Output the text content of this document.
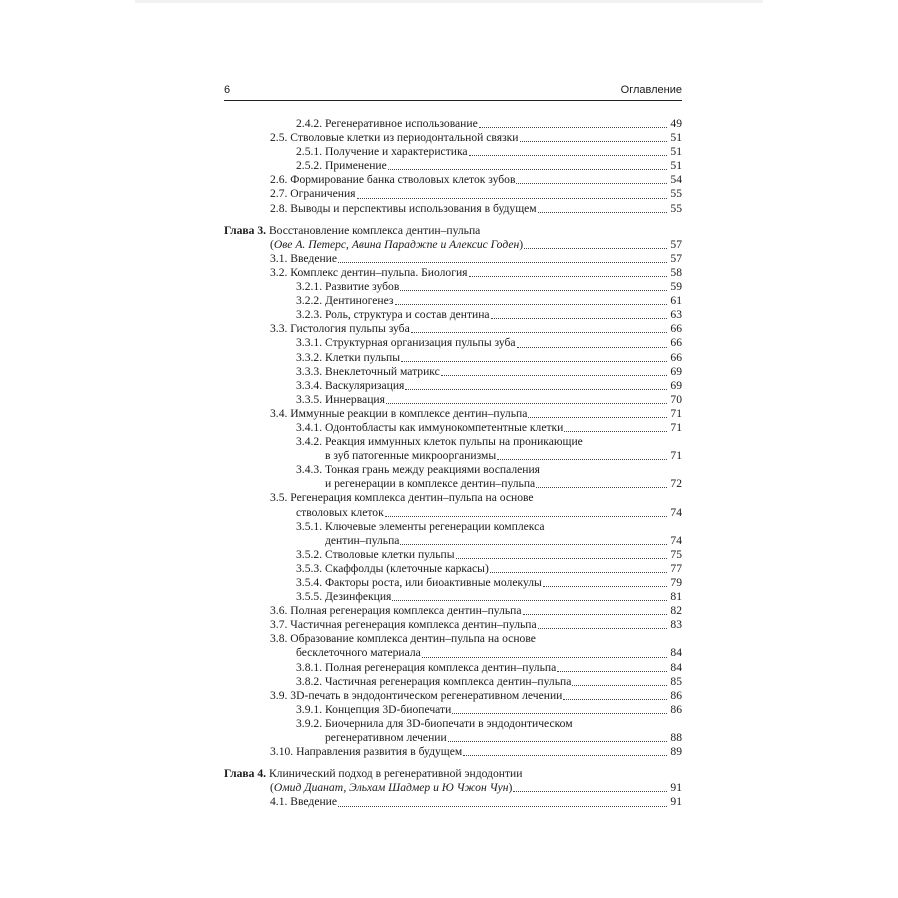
6	Оглавление
2.4.2. Регенеративное использование	49
2.5. Стволовые клетки из периодонтальной связки	51
2.5.1. Получение и характеристика	51
2.5.2. Применение	51
2.6. Формирование банка стволовых клеток зубов	54
2.7. Ограничения	55
2.8. Выводы и перспективы использования в будущем	55
Глава 3. Восстановление комплекса дентин–пульпа
(Ове А. Петерс, Авина Параджпе и Алексис Годен)	57
3.1. Введение	57
3.2. Комплекс дентин–пульпа. Биология	58
3.2.1. Развитие зубов	59
3.2.2. Дентиногенез	61
3.2.3. Роль, структура и состав дентина	63
3.3. Гистология пульпы зуба	66
3.3.1. Структурная организация пульпы зуба	66
3.3.2. Клетки пульпы	66
3.3.3. Внеклеточный матрикс	69
3.3.4. Васкуляризация	69
3.3.5. Иннервация	70
3.4. Иммунные реакции в комплексе дентин–пульпа	71
3.4.1. Одонтобласты как иммунокомпетентные клетки	71
3.4.2. Реакция иммунных клеток пульпы на проникающие
в зуб патогенные микроорганизмы	71
3.4.3. Тонкая грань между реакциями воспаления
и регенерации в комплексе дентин–пульпа	72
3.5. Регенерация комплекса дентин–пульпа на основе
стволовых клеток	74
3.5.1. Ключевые элементы регенерации комплекса
дентин–пульпа	74
3.5.2. Стволовые клетки пульпы	75
3.5.3. Скаффолды (клеточные каркасы)	77
3.5.4. Факторы роста, или биоактивные молекулы	79
3.5.5. Дезинфекция	81
3.6. Полная регенерация комплекса дентин–пульпа	82
3.7. Частичная регенерация комплекса дентин–пульпа	83
3.8. Образование комплекса дентин–пульпа на основе
бесклеточного материала	84
3.8.1. Полная регенерация комплекса дентин–пульпа	84
3.8.2. Частичная регенерация комплекса дентин–пульпа	85
3.9. 3D-печать в эндодонтическом регенеративном лечении	86
3.9.1. Концепция 3D-биопечати	86
3.9.2. Биочернила для 3D-биопечати в эндодонтическом
регенеративном лечении	88
3.10. Направления развития в будущем	89
Глава 4. Клинический подход в регенеративной эндодонтии
(Омид Дианат, Эльхам Шадмер и Ю Чжон Чун)	91
4.1. Введение	91
